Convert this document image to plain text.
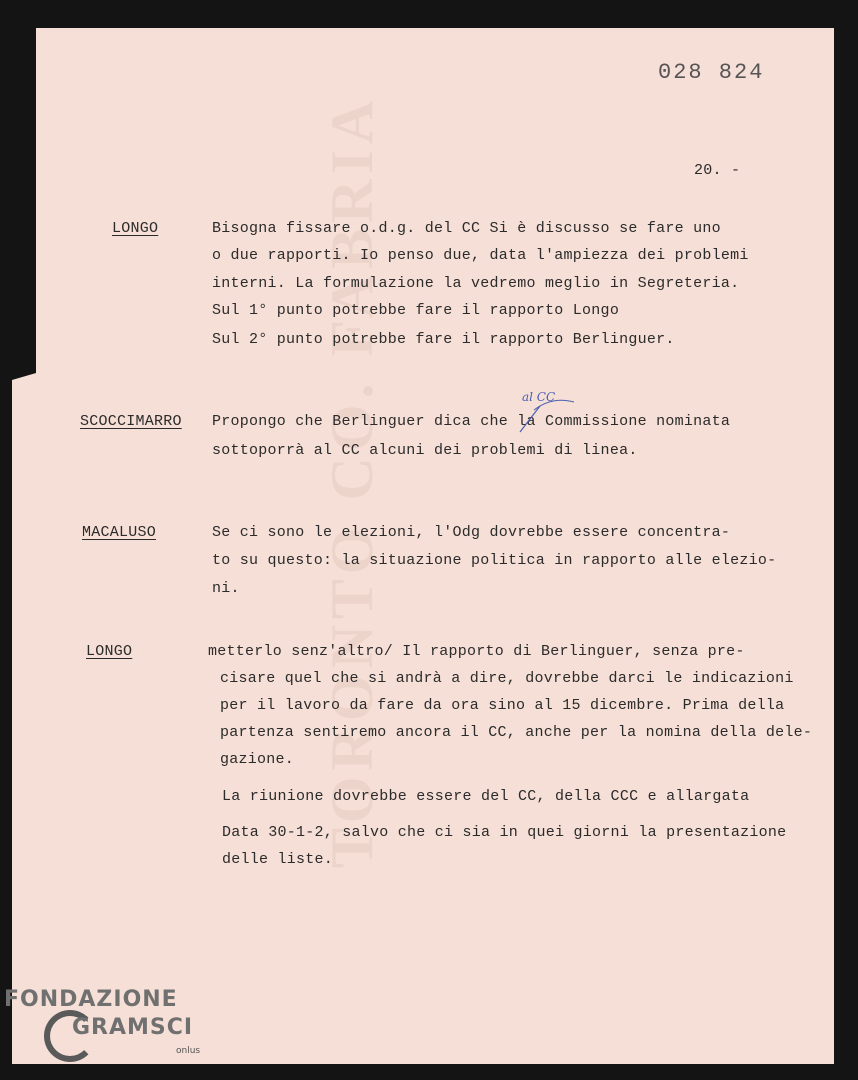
TORONTO CO. FABRIA
028 824
20. -
LONGO	Bisogna fissare o.d.g. del CC Si è discusso se fare uno
o due rapporti. Io penso due, data l'ampiezza dei problemi
interni. La formulazione la vedremo meglio in Segreteria.
Sul 1° punto potrebbe fare il rapporto Longo
Sul 2° punto potrebbe fare il rapporto Berlinguer.
SCOCCIMARRO Propongo che Berlinguer dica che la Commissione nominata
sottoporrà al CC alcuni dei problemi di linea.
al CC
MACALUSO	Se ci sono le elezioni, l'Odg dovrebbe essere concentra-
to su questo: la situazione politica in rapporto alle elezio-
ni.
LONGO	metterlo senz'altro/ Il rapporto di Berlinguer, senza pre-
cisare quel che si andrà a dire, dovrebbe darci le indicazioni
per il lavoro da fare da ora sino al 15 dicembre. Prima della
partenza sentiremo ancora il CC, anche per la nomina della dele-
gazione.
La riunione dovrebbe essere del CC, della CCC e allargata
Data 30-1-2, salvo che ci sia in quei giorni la presentazione
delle liste.
FONDAZIONE
GRAMSCI
onlus
